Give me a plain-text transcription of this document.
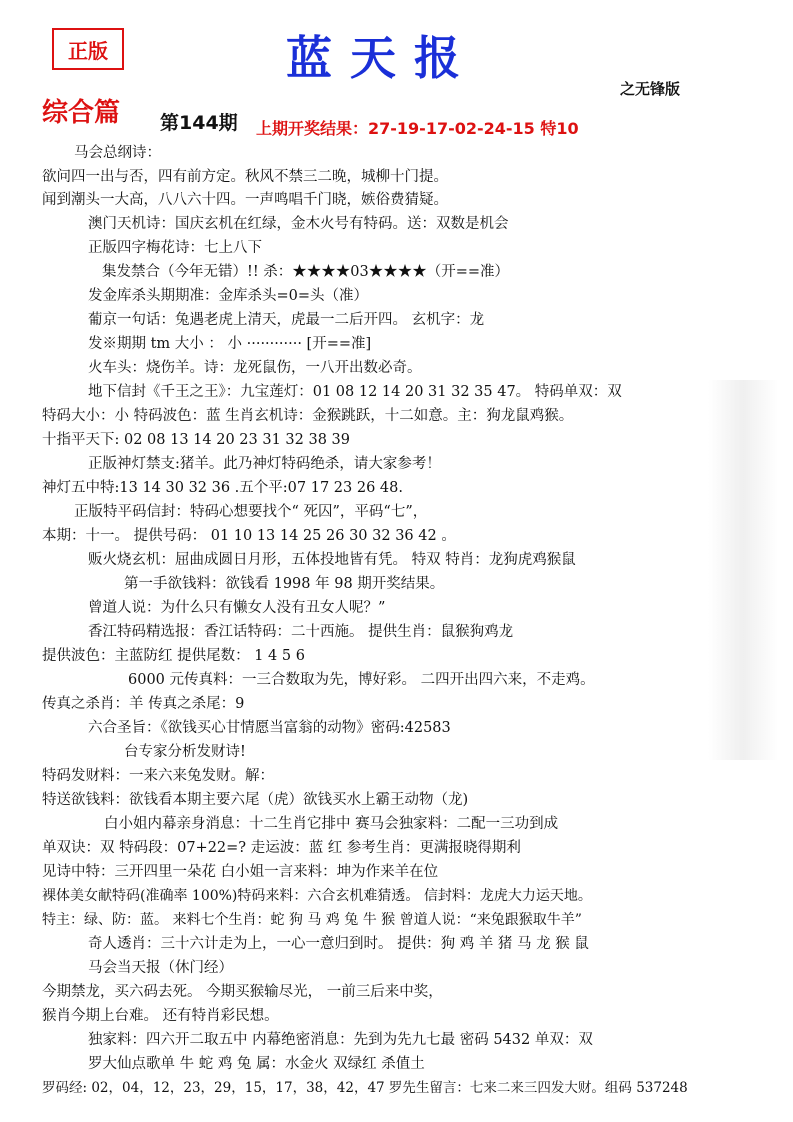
正版	蓝天报
之无锋版
综合篇 第144期 上期开奖结果：27-19-17-02-24-15 特10
马会总纲诗：
欲问四一出与否，四有前方定。秋风不禁三二晚，城柳十门提。
闻到潮头一大高，八八六十四。一声鸣唱千门晓，嫉俗费猜疑。
澳门天机诗：国庆玄机在红绿，金木火号有特码。送：双数是机会
正版四字梅花诗：七上八下
集发禁合（今年无错）!! 杀：★★★★03★★★★（开==准）
发金库杀头期期准：金库杀头=0=头（准）
葡京一句话：兔遇老虎上清天，虎最一二后开四。 玄机字：龙
发※期期 tm 大小 ： 小 ············ [开==准]
火车头：烧伤羊。诗：龙死鼠伤，一八开出数必奇。
地下信封《千王之王》：九宝莲灯：01 08 12 14 20 31 32 35 47。 特码单双：双
特码大小：小 特码波色：蓝 生肖玄机诗：金猴跳跃，十二如意。主：狗龙鼠鸡猴。
十指平天下: 02 08 13 14 20 23 31 32 38 39
正版神灯禁支:猪羊。此乃神灯特码绝杀，请大家参考！
神灯五中特:13 14 30 32 36 .五个平:07 17 23 26 48.
正版特平码信封：特码心想要找个“ 死囚”，平码“七”，
本期：十一。 提供号码： 01 10 13 14 25 26 30 32 36 42 。
贩火烧玄机：屈曲成圆日月形，五体投地皆有凭。 特双 特肖：龙狗虎鸡猴鼠
第一手欲钱料：欲钱看 1998 年 98 期开奖结果。
曾道人说：为什么只有懒女人没有丑女人呢？”
香江特码精选报：香江话特码：二十西施。 提供生肖：鼠猴狗鸡龙
提供波色：主蓝防红 提供尾数： 1 4 5 6
6000 元传真料：一三合数取为先，博好彩。 二四开出四六来，不走鸡。
传真之杀肖：羊 传真之杀尾：9
六合圣旨：《欲钱买心甘情愿当富翁的动物》密码:42583
台专家分析发财诗!
特码发财料：一来六来兔发财。解：
特送欲钱料：欲钱看本期主要六尾（虎）欲钱买水上霸王动物（龙)
白小姐内幕亲身消息：十二生肖它排中 赛马会独家料：二配一三功到成
单双诀：双 特码段：07+22=? 走运波：蓝 红 参考生肖：更满报晓得期利
见诗中特：三开四里一朵花 白小姐一言来料：坤为作来羊在位
裸体美女献特码(准确率 100%)特码来料：六合玄机难猜透。 信封料：龙虎大力运天地。
特主：绿、防：蓝。 来料七个生肖：蛇 狗 马 鸡 兔 牛 猴 曾道人说：“来兔跟猴取牛羊”
奇人透肖：三十六计走为上，一心一意归到时。 提供：狗 鸡 羊 猪 马 龙 猴 鼠
马会当天报（休门经）
今期禁龙，买六码去死。 今期买猴输尽光， 一前三后来中奖，
猴肖今期上台难。 还有特肖彩民想。
独家料：四六开二取五中 内幕绝密消息：先到为先九七最 密码 5432 单双：双
罗大仙点歌单 牛 蛇 鸡 兔 属：水金火 双绿红 杀值土
罗码经: 02，04，12，23，29，15，17，38，42，47 罗先生留言：七来二来三四发大财。组码 537248
